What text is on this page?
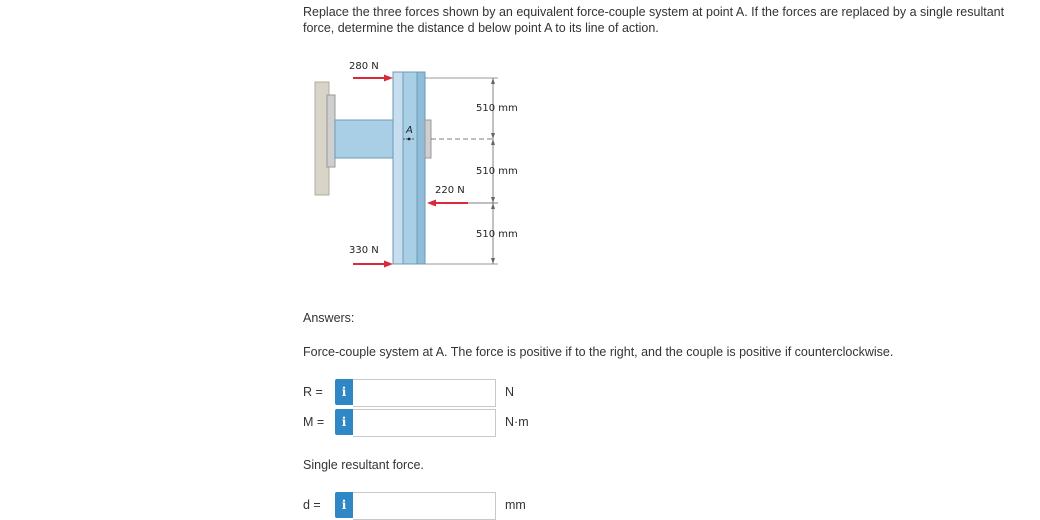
Replace the three forces shown by an equivalent force-couple system at point A. If the forces are replaced by a single resultant force, determine the distance d below point A to its line of action.
A
280 N
220 N
330 N
510 mm
510 mm
510 mm
Answers:
Force-couple system at A. The force is positive if to the right, and the couple is positive if counterclockwise.
R =	i	N
M =	i	N·m
Single resultant force.
d =	i	mm
